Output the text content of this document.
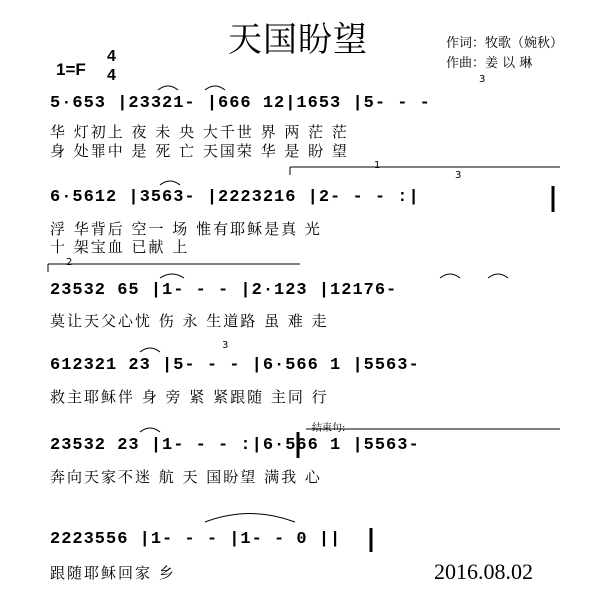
天国盼望	作词：牧歌（婉秋）
作曲：姜 以 琳
1=F
4
4
5·653 |23321- |666 12|1653 |5- - -
华 灯初上 夜 未 央 大千世 界 两 茫 茫
身 处罪中 是 死 亡 天国荣 华 是 盼 望
6·5612 |3563- |2223216 |2- - - :|
浮 华背后 空一 场 惟有耶稣是真 光
十 架宝血 已献 上
23532 65 |1- - - |2·123 |12176-
莫让天父心忧 伤 永 生道路 虽 难 走
612321 23 |5- - - |6·566 1 |5563-
救主耶稣伴 身 旁 紧 紧跟随 主同 行
23532 23 |1- - - :|6·566 1 |5563-
奔向天家不迷 航 天 国盼望 满我 心
结束句:
2223556 |1- - - |1- - 0 ||
跟随耶稣回家 乡	2016.08.02
1
2
3
3
3
